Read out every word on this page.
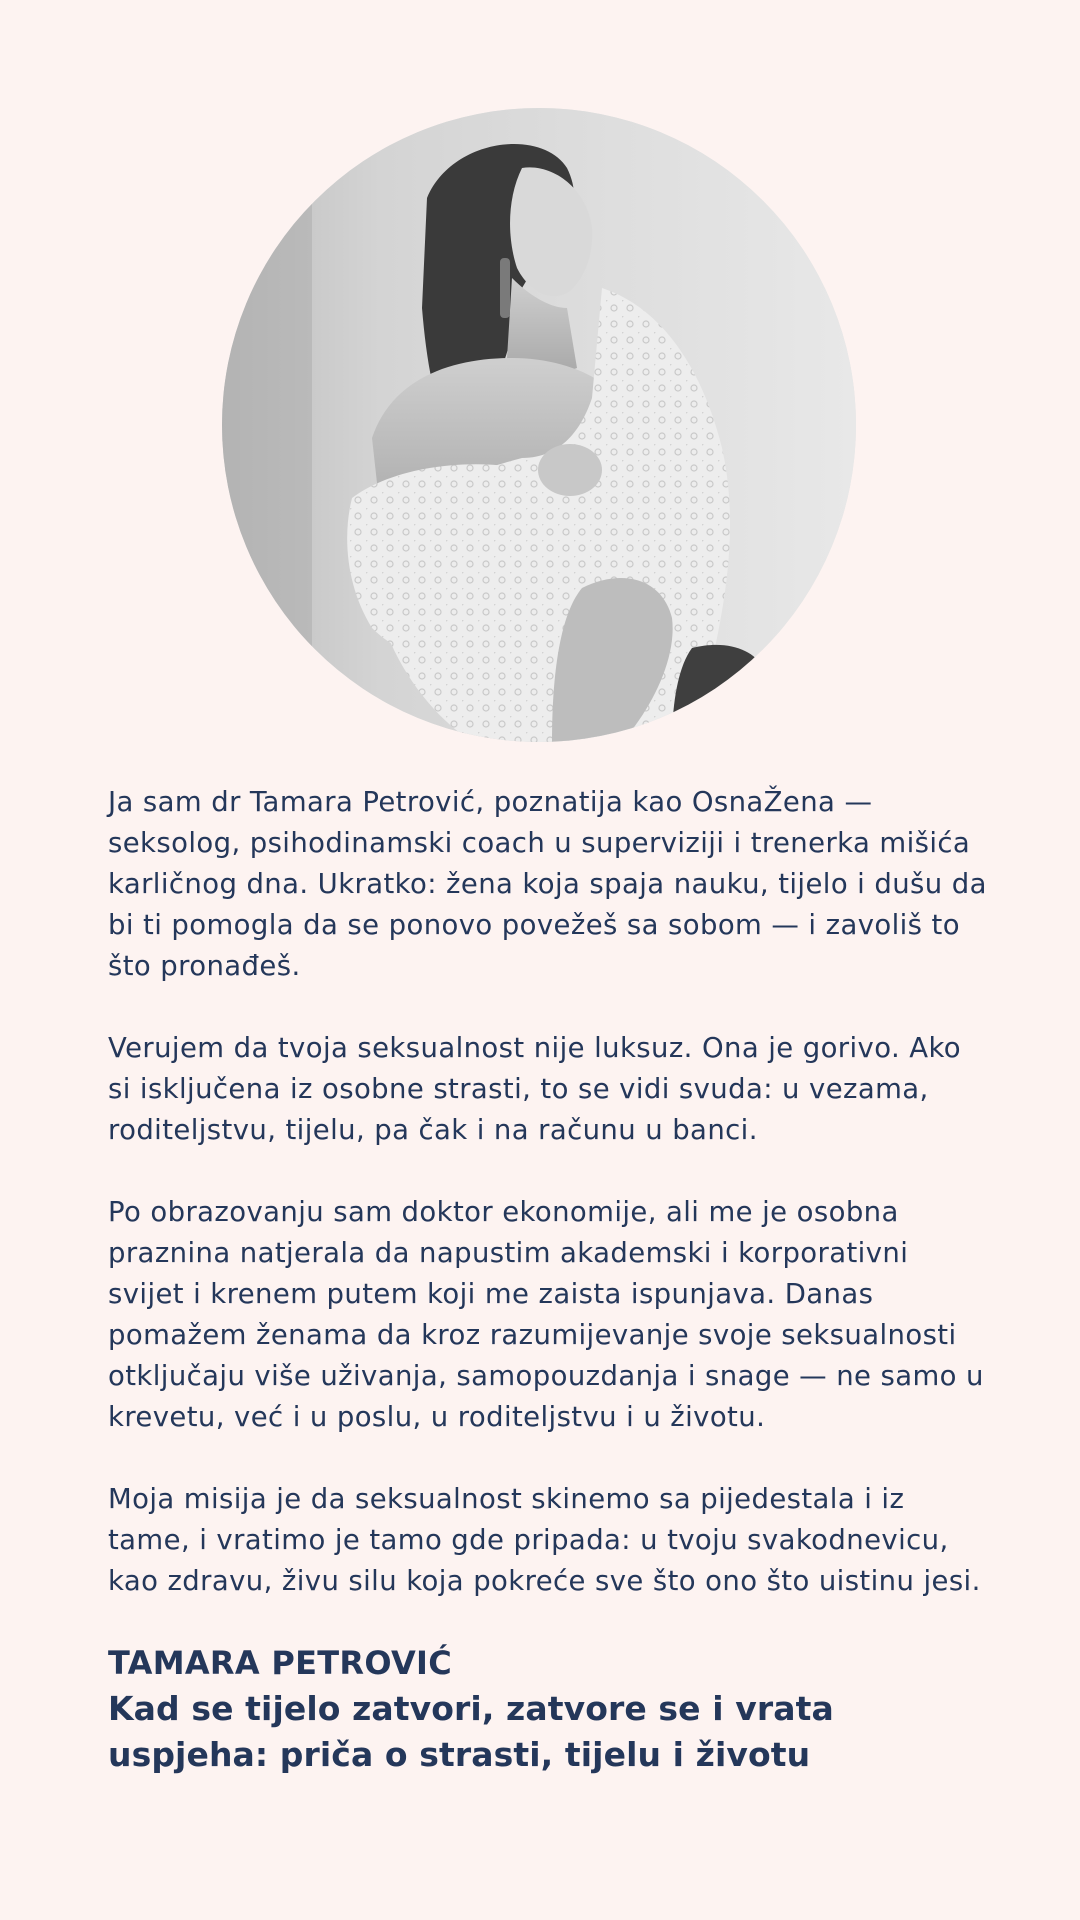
Ja sam dr Tamara Petrović, poznatija kao OsnaŽena — seksolog, psihodinamski coach u superviziji i trenerka mišića karličnog dna. Ukratko: žena koja spaja nauku, tijelo i dušu da bi ti pomogla da se ponovo povežeš sa sobom — i zavoliš to što pronađeš.

Verujem da tvoja seksualnost nije luksuz. Ona je gorivo. Ako si isključena iz osobne strasti, to se vidi svuda: u vezama, roditeljstvu, tijelu, pa čak i na računu u banci.

Po obrazovanju sam doktor ekonomije, ali me je osobna praznina natjerala da napustim akademski i korporativni svijet i krenem putem koji me zaista ispunjava. Danas pomažem ženama da kroz razumijevanje svoje seksualnosti otključaju više uživanja, samopouzdanja i snage — ne samo u krevetu, već i u poslu, u roditeljstvu i u životu.

Moja misija je da seksualnost skinemo sa pijedestala i iz tame, i vratimo je tamo gde pripada: u tvoju svakodnevicu, kao zdravu, živu silu koja pokreće sve što ono što uistinu jesi.

TAMARA PETROVIĆ
Kad se tijelo zatvori, zatvore se i vrata uspjeha: priča o strasti, tijelu i životu
